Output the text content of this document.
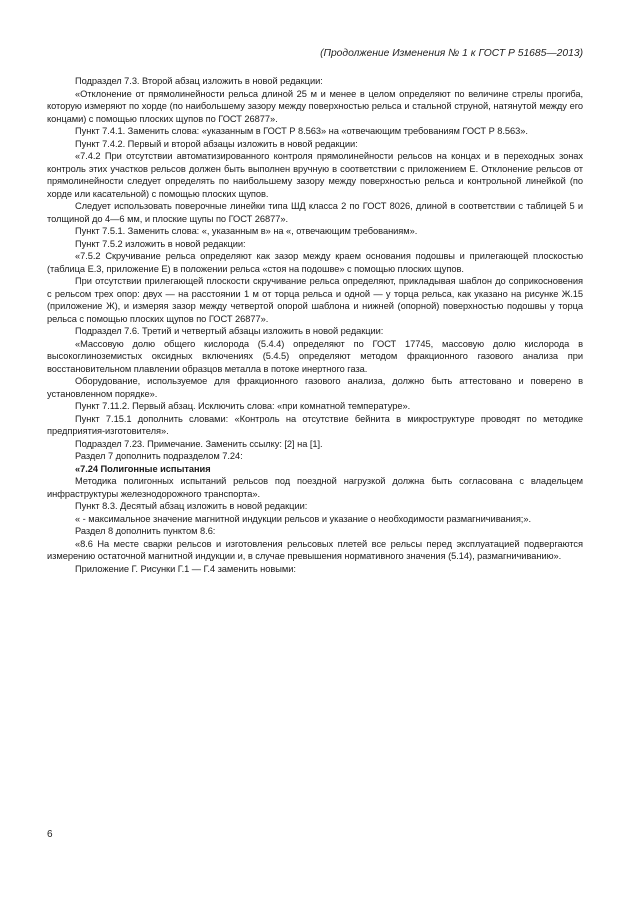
(Продолжение Изменения № 1 к ГОСТ Р 51685—2013)

Подраздел 7.3. Второй абзац изложить в новой редакции:

«Отклонение от прямолинейности рельса длиной 25 м и менее в целом определяют по величине стрелы прогиба, которую измеряют по хорде (по наибольшему зазору между поверхностью рельса и стальной струной, натянутой между его концами) с помощью плоских щупов по ГОСТ 26877».

Пункт 7.4.1. Заменить слова: «указанным в ГОСТ Р 8.563» на «отвечающим требованиям ГОСТ Р 8.563».

Пункт 7.4.2. Первый и второй абзацы изложить в новой редакции:

«7.4.2 При отсутствии автоматизированного контроля прямолинейности рельсов на концах и в переходных зонах контроль этих участков рельсов должен быть выполнен вручную в соответствии с приложением Е. Отклонение рельсов от прямолинейности следует определять по наибольшему зазору между поверхностью рельса и контрольной линейкой (по хорде или касательной) с помощью плоских щупов.

Следует использовать поверочные линейки типа ШД класса 2 по ГОСТ 8026, длиной в соответствии с таблицей 5 и толщиной до 4—6 мм, и плоские щупы по ГОСТ 26877».

Пункт 7.5.1. Заменить слова: «, указанным в» на «, отвечающим требованиям».

Пункт 7.5.2 изложить в новой редакции:

«7.5.2 Скручивание рельса определяют как зазор между краем основания подошвы и прилегающей плоскостью (таблица Е.3, приложение Е) в положении рельса «стоя на подошве» с помощью плоских щупов.

При отсутствии прилегающей плоскости скручивание рельса определяют, прикладывая шаблон до соприкосновения с рельсом трех опор: двух — на расстоянии 1 м от торца рельса и одной — у торца рельса, как указано на рисунке Ж.15 (приложение Ж), и измеряя зазор между четвертой опорой шаблона и нижней (опорной) поверхностью подошвы у торца рельса с помощью плоских щупов по ГОСТ 26877».

Подраздел 7.6. Третий и четвертый абзацы изложить в новой редакции:

«Массовую долю общего кислорода (5.4.4) определяют по ГОСТ 17745, массовую долю кислорода в высокоглиноземистых оксидных включениях (5.4.5) определяют методом фракционного газового анализа при восстановительном плавлении образцов металла в потоке инертного газа.

Оборудование, используемое для фракционного газового анализа, должно быть аттестовано и поверено в установленном порядке».

Пункт 7.11.2. Первый абзац. Исключить слова: «при комнатной температуре».

Пункт 7.15.1 дополнить словами: «Контроль на отсутствие бейнита в микроструктуре проводят по методике предприятия-изготовителя».

Подраздел 7.23. Примечание. Заменить ссылку: [2] на [1].

Раздел 7 дополнить подразделом 7.24:

«7.24 Полигонные испытания

Методика полигонных испытаний рельсов под поездной нагрузкой должна быть согласована с владельцем инфраструктуры железнодорожного транспорта».

Пункт 8.3. Десятый абзац изложить в новой редакции:

« - максимальное значение магнитной индукции рельсов и указание о необходимости размагничивания;».

Раздел 8 дополнить пунктом 8.6:

«8.6 На месте сварки рельсов и изготовления рельсовых плетей все рельсы перед эксплуатацией подвергаются измерению остаточной магнитной индукции и, в случае превышения нормативного значения (5.14), размагничиванию».

Приложение Г. Рисунки Г.1 — Г.4 заменить новыми:

6
